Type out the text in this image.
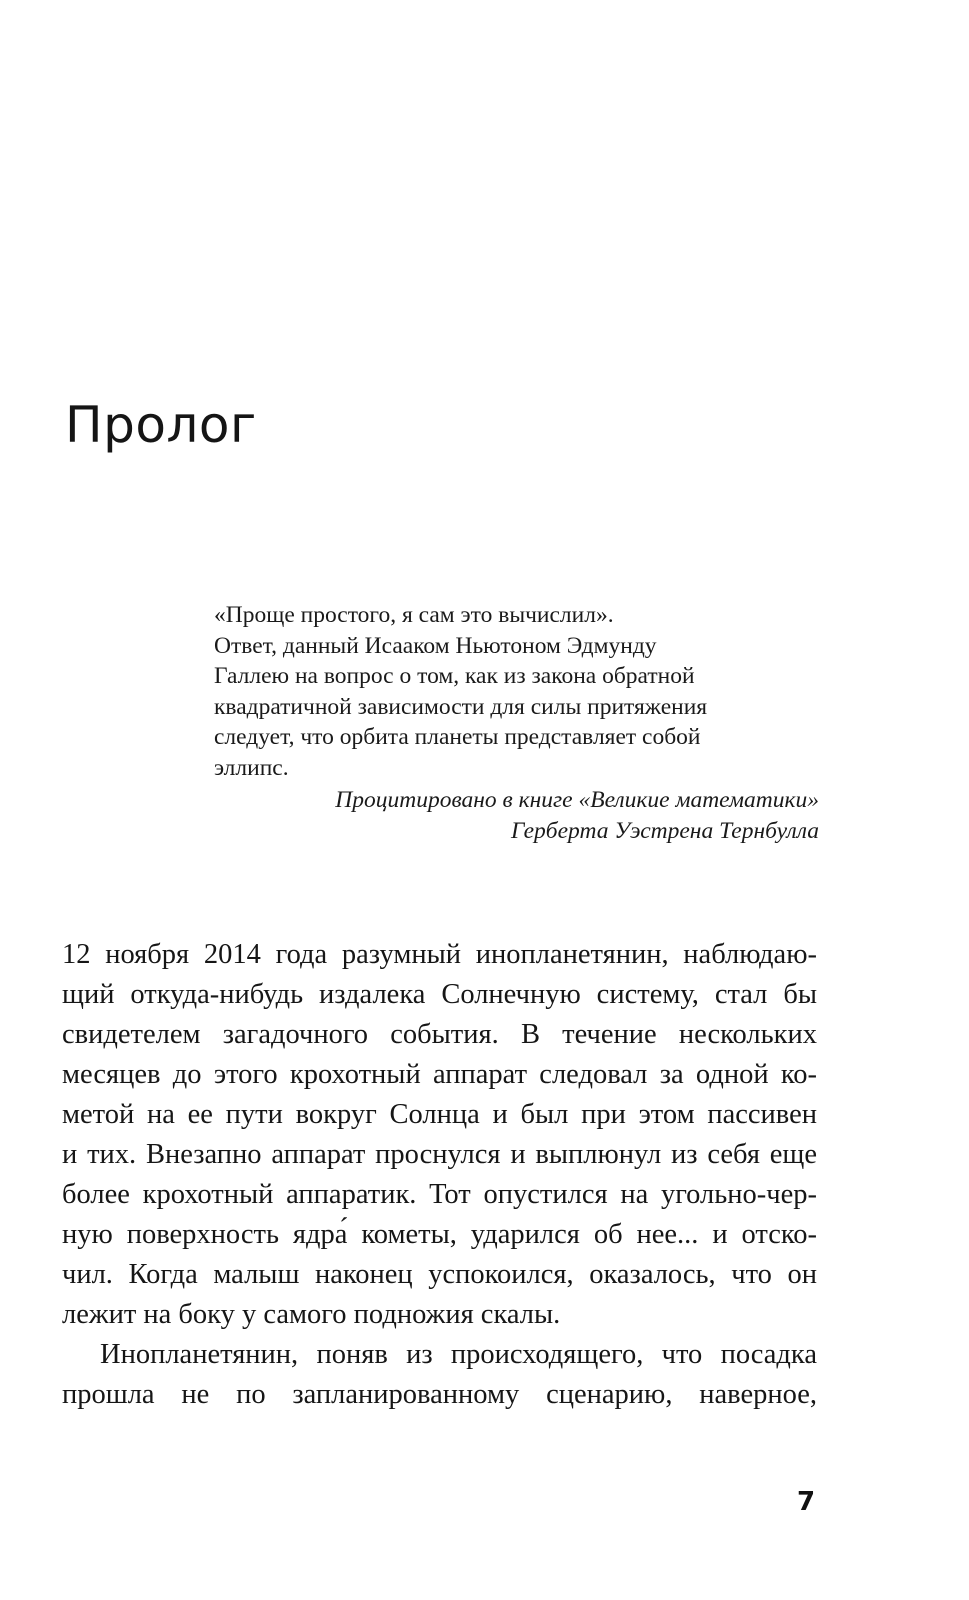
Пролог

«Проще простого, я сам это вычислил».
Ответ, данный Исааком Ньютоном Эдмунду
Галлею на вопрос о том, как из закона обратной
квадратичной зависимости для силы притяжения
следует, что орбита планеты представляет собой
эллипс.

Процитировано в книге «Великие математики»
Герберта Уэстрена Тернбулла

12 ноября 2014 года разумный инопланетянин, наблюдаю-
щий откуда-нибудь издалека Солнечную систему, стал бы
свидетелем загадочного события. В течение нескольких
месяцев до этого крохотный аппарат следовал за одной ко-
метой на ее пути вокруг Солнца и был при этом пассивен
и тих. Внезапно аппарат проснулся и выплюнул из себя еще
более крохотный аппаратик. Тот опустился на угольно-чер-
ную поверхность ядра́ кометы, ударился об нее... и отско-
чил. Когда малыш наконец успокоился, оказалось, что он
лежит на боку у самого подножия скалы.

Инопланетянин, поняв из происходящего, что посадка
прошла не по запланированному сценарию, наверное,

7
